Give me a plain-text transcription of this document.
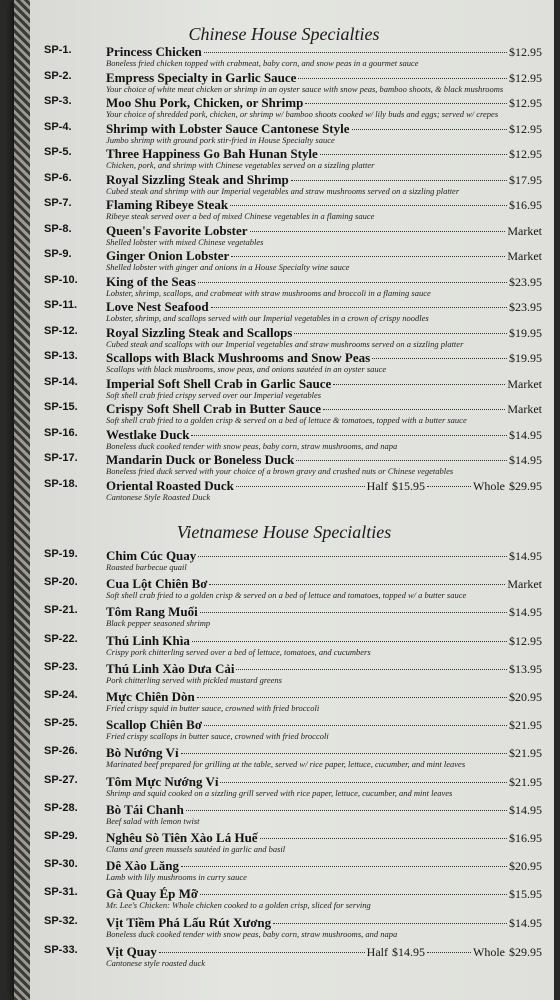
Chinese House Specialties
SP-1.	Princess Chicken	$12.95
Boneless fried chicken topped with crabmeat, baby corn, and snow peas in a gourmet sauce
SP-2.	Empress Specialty in Garlic Sauce	$12.95
Your choice of white meat chicken or shrimp in an oyster sauce with snow peas, bamboo shoots, & black mushrooms
SP-3.	Moo Shu Pork, Chicken, or Shrimp	$12.95
Your choice of shredded pork, chicken, or shrimp w/ bamboo shoots cooked w/ lily buds and eggs; served w/ crepes
SP-4.	Shrimp with Lobster Sauce Cantonese Style	$12.95
Jumbo shrimp with ground pork stir-fried in House Specialty sauce
SP-5.	Three Happiness Go Bah Hunan Style	$12.95
Chicken, pork, and shrimp with Chinese vegetables served on a sizzling platter
SP-6.	Royal Sizzling Steak and Shrimp	$17.95
Cubed steak and shrimp with our Imperial vegetables and straw mushrooms served on a sizzling platter
SP-7.	Flaming Ribeye Steak	$16.95
Ribeye steak served over a bed of mixed Chinese vegetables in a flaming sauce
SP-8.	Queen's Favorite Lobster	Market
Shelled lobster with mixed Chinese vegetables
SP-9.	Ginger Onion Lobster	Market
Shelled lobster with ginger and onions in a House Specialty wine sauce
SP-10. King of the Seas	$23.95
Lobster, shrimp, scallops, and crabmeat with straw mushrooms and broccoli in a flaming sauce
SP-11. Love Nest Seafood	$23.95
Lobster, shrimp, and scallops served with our Imperial vegetables in a crown of crispy noodles
SP-12. Royal Sizzling Steak and Scallops	$19.95
Cubed steak and scallops with our Imperial vegetables and straw mushrooms served on a sizzling platter
SP-13. Scallops with Black Mushrooms and Snow Peas	$19.95
Scallops with black mushrooms, snow peas, and onions sautéed in an oyster sauce
SP-14. Imperial Soft Shell Crab in Garlic Sauce	Market
Soft shell crab fried crispy served over our Imperial vegetables
SP-15. Crispy Soft Shell Crab in Butter Sauce	Market
Soft shell crab fried to a golden crisp & served on a bed of lettuce & tomatoes, topped with a butter sauce
SP-16. Westlake Duck	$14.95
Boneless duck cooked tender with snow peas, baby corn, straw mushrooms, and napa
SP-17. Mandarin Duck or Boneless Duck	$14.95
Boneless fried duck served with your choice of a brown gravy and crushed nuts or Chinese vegetables
SP-18. Oriental Roasted Duck	Half $15.95	Whole $29.95
Cantonese Style Roasted Duck
Vietnamese House Specialties
SP-19. Chim Cúc Quay	$14.95
Roasted barbecue quail
SP-20. Cua Lột Chiên Bơ	Market
Soft shell crab fried to a golden crisp & served on a bed of lettuce and tomatoes, topped w/ a butter sauce
SP-21. Tôm Rang Muối	$14.95
Black pepper seasoned shrimp
SP-22. Thú Linh Khìa	$12.95
Crispy pork chitterling served over a bed of lettuce, tomatoes, and cucumbers
SP-23. Thú Linh Xào Dưa Cải	$13.95
Pork chitterling served with pickled mustard greens
SP-24. Mực Chiên Dòn	$20.95
Fried crispy squid in butter sauce, crowned with fried broccoli
SP-25. Scallop Chiên Bơ	$21.95
Fried crispy scallops in butter sauce, crowned with fried broccoli
SP-26. Bò Nướng Vỉ	$21.95
Marinated beef prepared for grilling at the table, served w/ rice paper, lettuce, cucumber, and mint leaves
SP-27. Tôm Mực Nướng Vỉ	$21.95
Shrimp and squid cooked on a sizzling grill served with rice paper, lettuce, cucumber, and mint leaves
SP-28. Bò Tái Chanh	$14.95
Beef salad with lemon twist
SP-29. Nghêu Sò Tiên Xào Lá Huế	$16.95
Clams and green mussels sautéed in garlic and basil
SP-30. Dê Xào Lăng	$20.95
Lamb with lily mushrooms in curry sauce
SP-31. Gà Quay Ép Mỡ	$15.95
Mr. Lee's Chicken: Whole chicken cooked to a golden crisp, sliced for serving
SP-32. Vịt Tiềm Phá Lấu Rút Xương	$14.95
Boneless duck cooked tender with snow peas, baby corn, straw mushrooms, and napa
SP-33. Vịt Quay	Half $14.95	Whole $29.95
Cantonese style roasted duck
